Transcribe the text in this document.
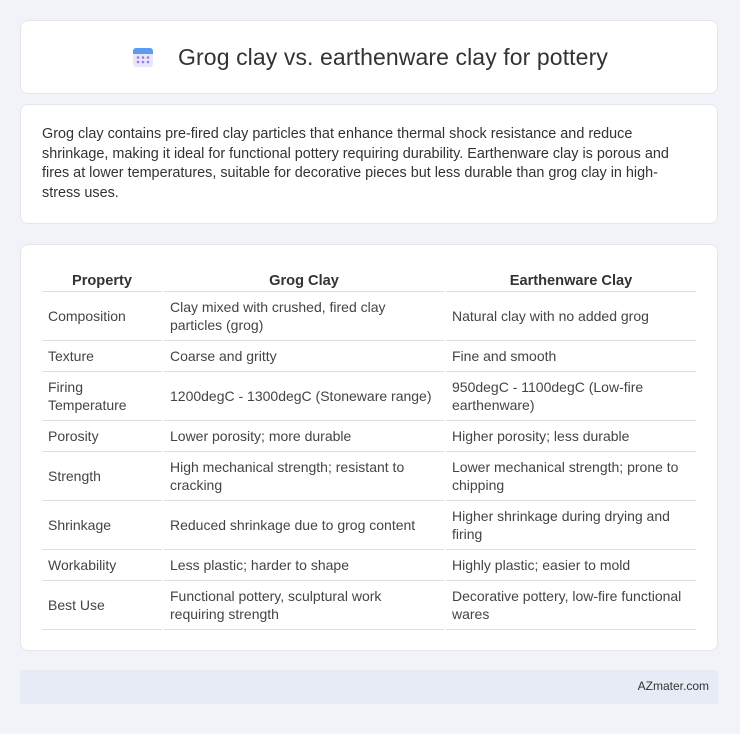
Grog clay vs. earthenware clay for pottery

Grog clay contains pre-fired clay particles that enhance thermal shock resistance and reduce shrinkage, making it ideal for functional pottery requiring durability. Earthenware clay is porous and fires at lower temperatures, suitable for decorative pieces but less durable than grog clay in high-stress uses.

Property	Grog Clay	Earthenware Clay
Composition	Clay mixed with crushed, fired clay particles (grog)	Natural clay with no added grog
Texture	Coarse and gritty	Fine and smooth
Firing Temperature	1200degC - 1300degC (Stoneware range)	950degC - 1100degC (Low-fire earthenware)
Porosity	Lower porosity; more durable	Higher porosity; less durable
Strength	High mechanical strength; resistant to cracking	Lower mechanical strength; prone to chipping
Shrinkage	Reduced shrinkage due to grog content	Higher shrinkage during drying and firing
Workability	Less plastic; harder to shape	Highly plastic; easier to mold
Best Use	Functional pottery, sculptural work requiring strength	Decorative pottery, low-fire functional wares
AZmater.com
